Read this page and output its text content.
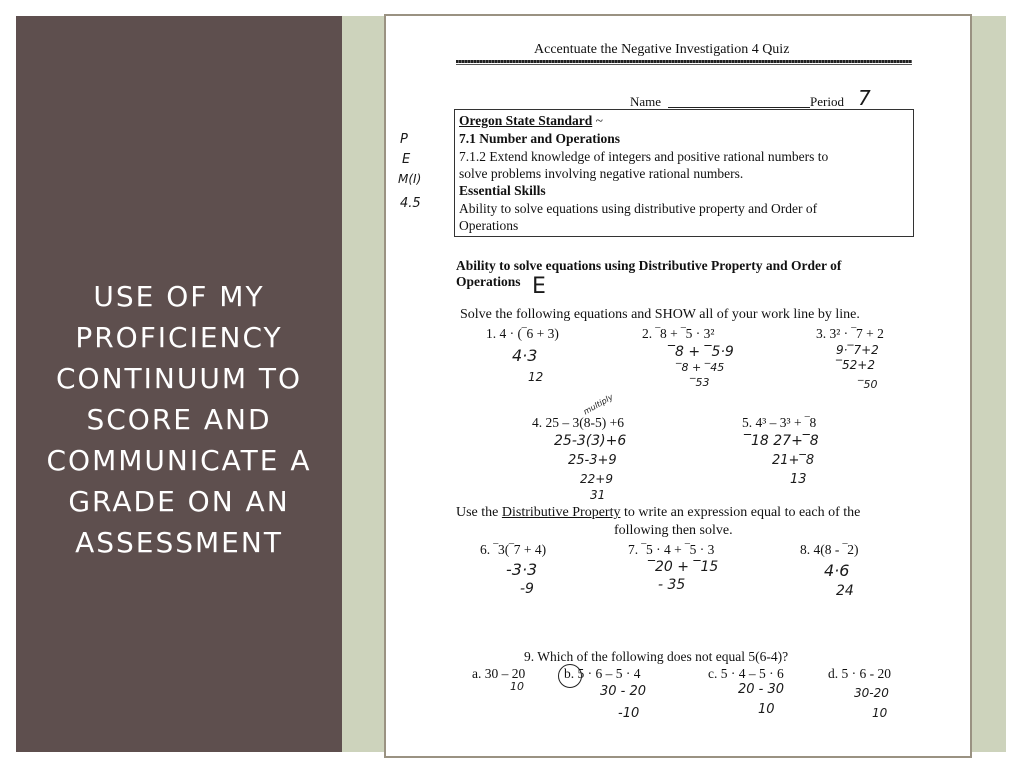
USE OF MY PROFICIENCY CONTINUUM TO SCORE AND COMMUNICATE A GRADE ON AN ASSESSMENT
Accentuate the Negative Investigation 4 Quiz
Name	Period 7
P
E
M(I)
4.5
Oregon State Standard ~
7.1 Number and Operations
7.1.2 Extend knowledge of integers and positive rational numbers to
solve problems involving negative rational numbers.
Essential Skills
Ability to solve equations using distributive property and Order of
Operations
Ability to solve equations using Distributive Property and Order of
Operations E
Solve the following equations and SHOW all of your work line by line.
1. 4 · (‾6 + 3)
4·3
12
2. ‾8 + ‾5 · 3²
‾8 + ‾5·9
‾8 + ‾45
‾53
3. 3² · ‾7 + 2
9·‾7+2
‾52+2
‾50
4. 25 – 3(8-5) +6
multiply
25-3(3)+6
25-3+9
22+9
31
5. 4³ – 3³ + ‾8
‾18 27+‾8
21+‾8
13
Use the Distributive Property to write an expression equal to each of the
following then solve.
6. ‾3(‾7 + 4)
-3·3
-9
7. ‾5 · 4 + ‾5 · 3
‾20 + ‾15
- 35
8. 4(8 - ‾2)
4·6
24
9. Which of the following does not equal 5(6-4)?
a. 30 – 20
10
b. 5 · 6 – 5 · 4
30 - 20
-10
c. 5 · 4 – 5 · 6
20 - 30
10
d. 5 · 6 - 20
30-20
10
